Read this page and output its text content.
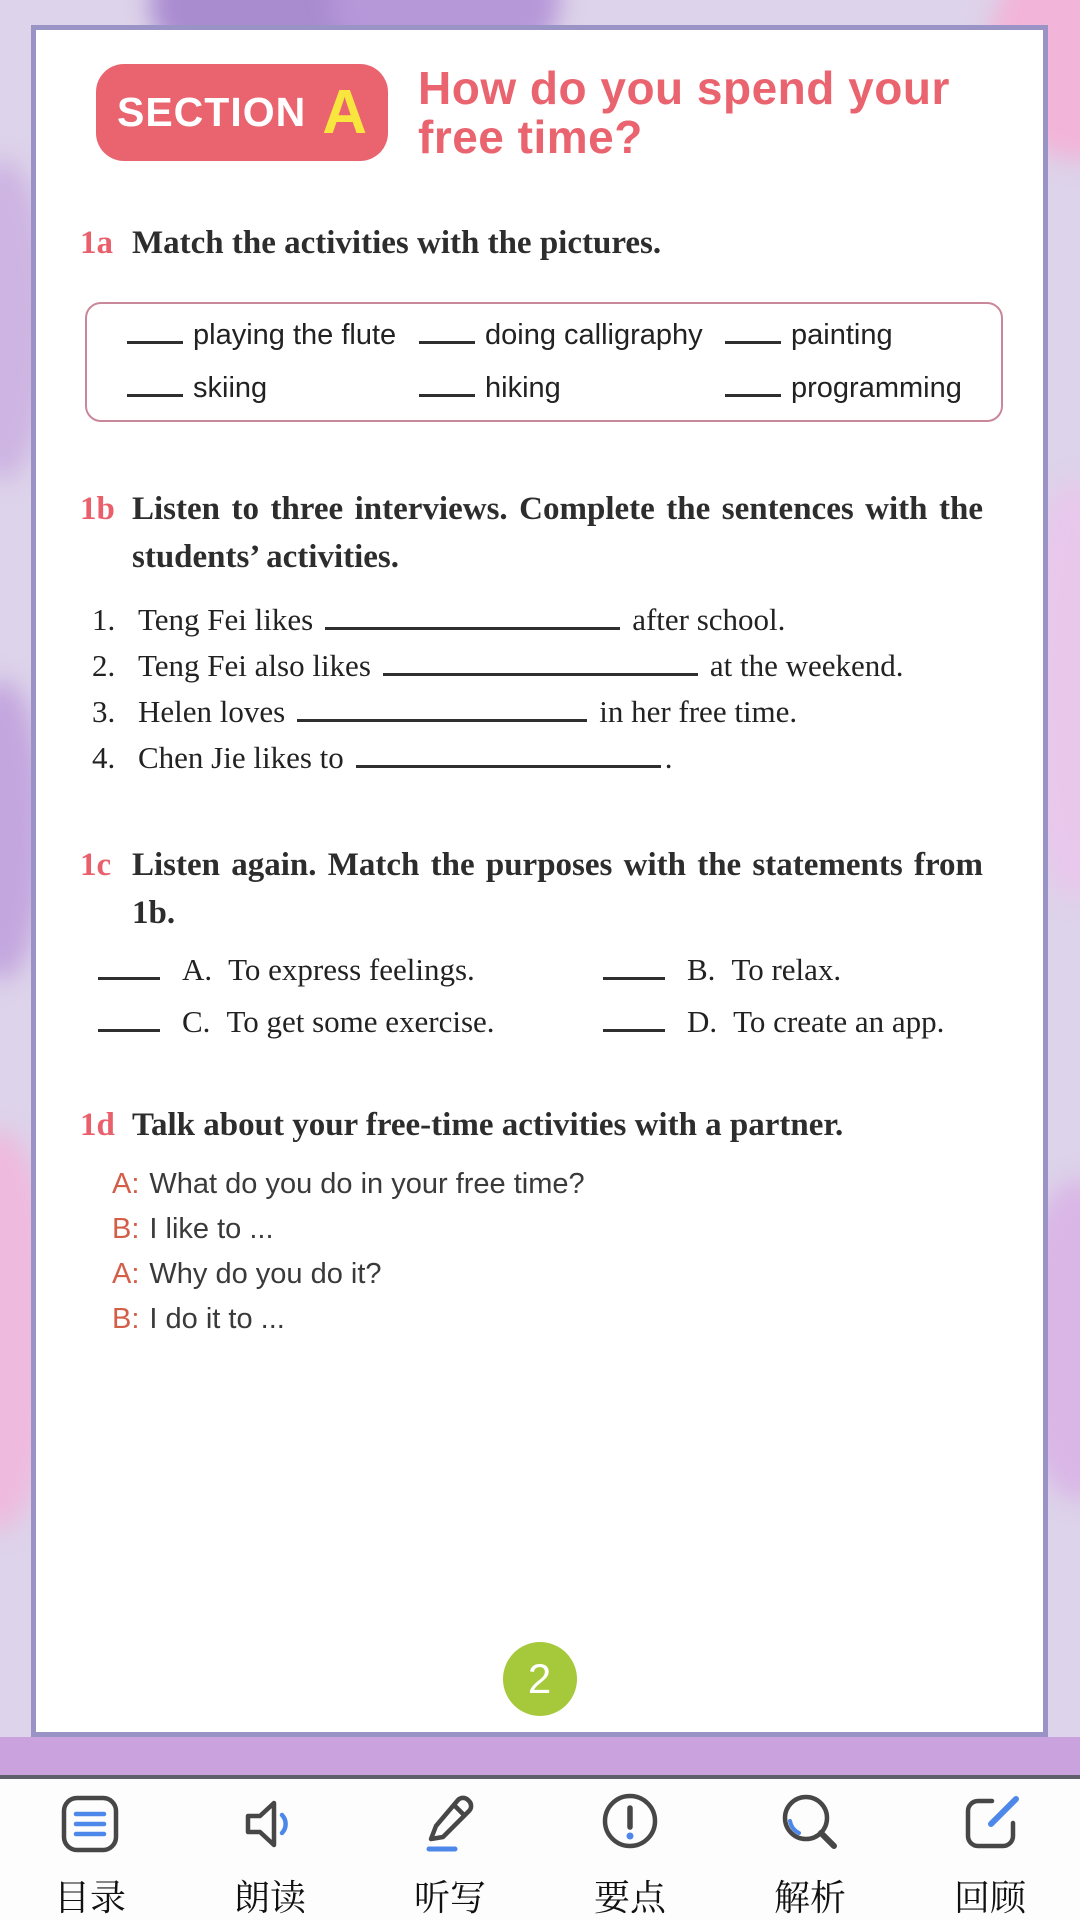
SECTION A How do you spend your
free time?
1a Match the activities with the pictures.
playing the flute	doing calligraphy	painting
skiing	hiking	programming
1b Listen to three interviews. Complete the sentences with the students’ activities.
1. Teng Fei likes	after school.
2. Teng Fei also likes	at the weekend.
3. Helen loves	in her free time.
4. Chen Jie likes to	.
1c Listen again. Match the purposes with the statements from 1b.
A. To express feelings.	B. To relax.
C. To get some exercise.	D. To create an app.
1d Talk about your free-time activities with a partner.
A: What do you do in your free time?
B: I like to ...
A: Why do you do it?
B: I do it to ...
2
目录	朗读	听写	要点	解析	回顾
